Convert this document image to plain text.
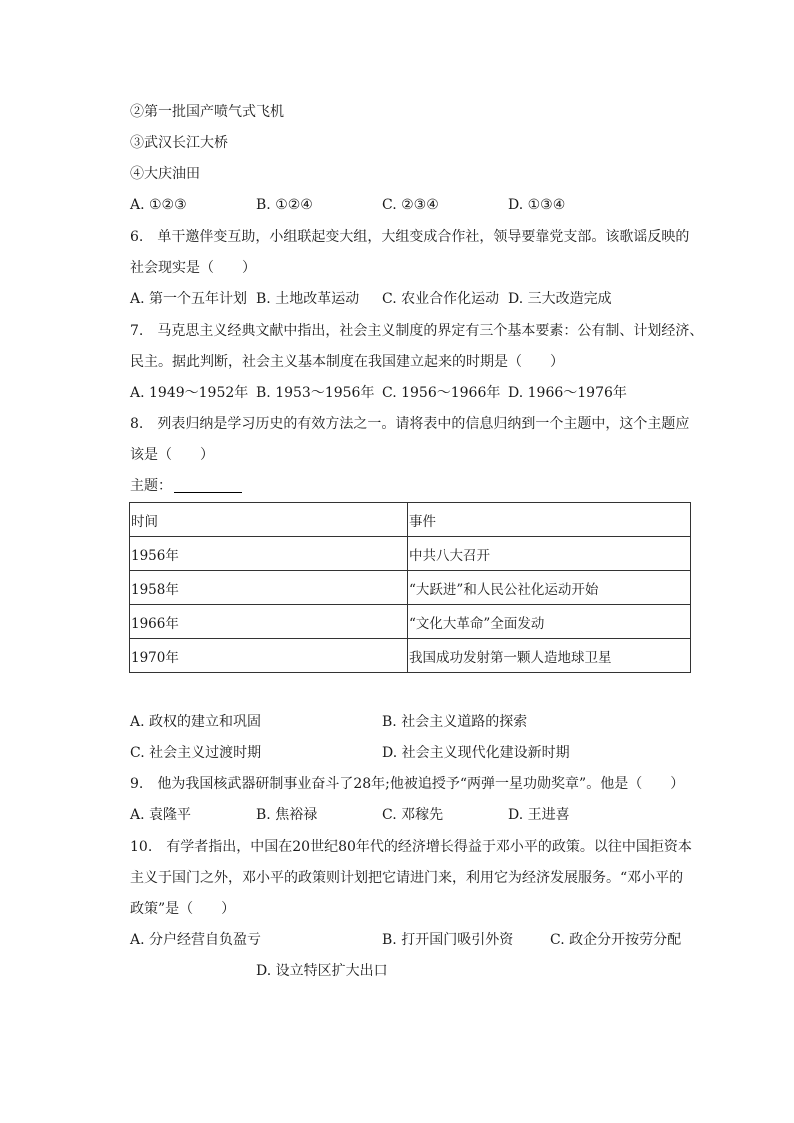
②第一批国产喷气式飞机
③武汉长江大桥
④大庆油田
A. ①②③	B. ①②④	C. ②③④	D. ①③④
6.　单干邀伴变互助，小组联起变大组，大组变成合作社，领导要靠党支部。该歌谣反映的
社会现实是（　　）
A. 第一个五年计划 B. 土地改革运动 C. 农业合作化运动 D. 三大改造完成
7.　马克思主义经典文献中指出，社会主义制度的界定有三个基本要素：公有制、计划经济、
民主。据此判断，社会主义基本制度在我国建立起来的时期是（　　）
A. 1949～1952年 B. 1953～1956年 C. 1956～1966年 D. 1966～1976年
8.　列表归纳是学习历史的有效方法之一。请将表中的信息归纳到一个主题中，这个主题应
该是（　　）
主题：
时间	事件
1956年	中共八大召开
1958年	“大跃进”和人民公社化运动开始
1966年	“文化大革命”全面发动
1970年	我国成功发射第一颗人造地球卫星
A. 政权的建立和巩固	B. 社会主义道路的探索
C. 社会主义过渡时期	D. 社会主义现代化建设新时期
9.　他为我国核武器研制事业奋斗了28年;他被追授予“两弹一星功勋奖章”。他是（　　）
A. 袁隆平	B. 焦裕禄	C. 邓稼先	D. 王进喜
10.　有学者指出，中国在20世纪80年代的经济增长得益于邓小平的政策。以往中国拒资本
主义于国门之外，邓小平的政策则计划把它请进门来，利用它为经济发展服务。“邓小平的
政策”是（　　）
A. 分户经营自负盈亏	B. 打开国门吸引外资	C. 政企分开按劳分配
D. 设立特区扩大出口
